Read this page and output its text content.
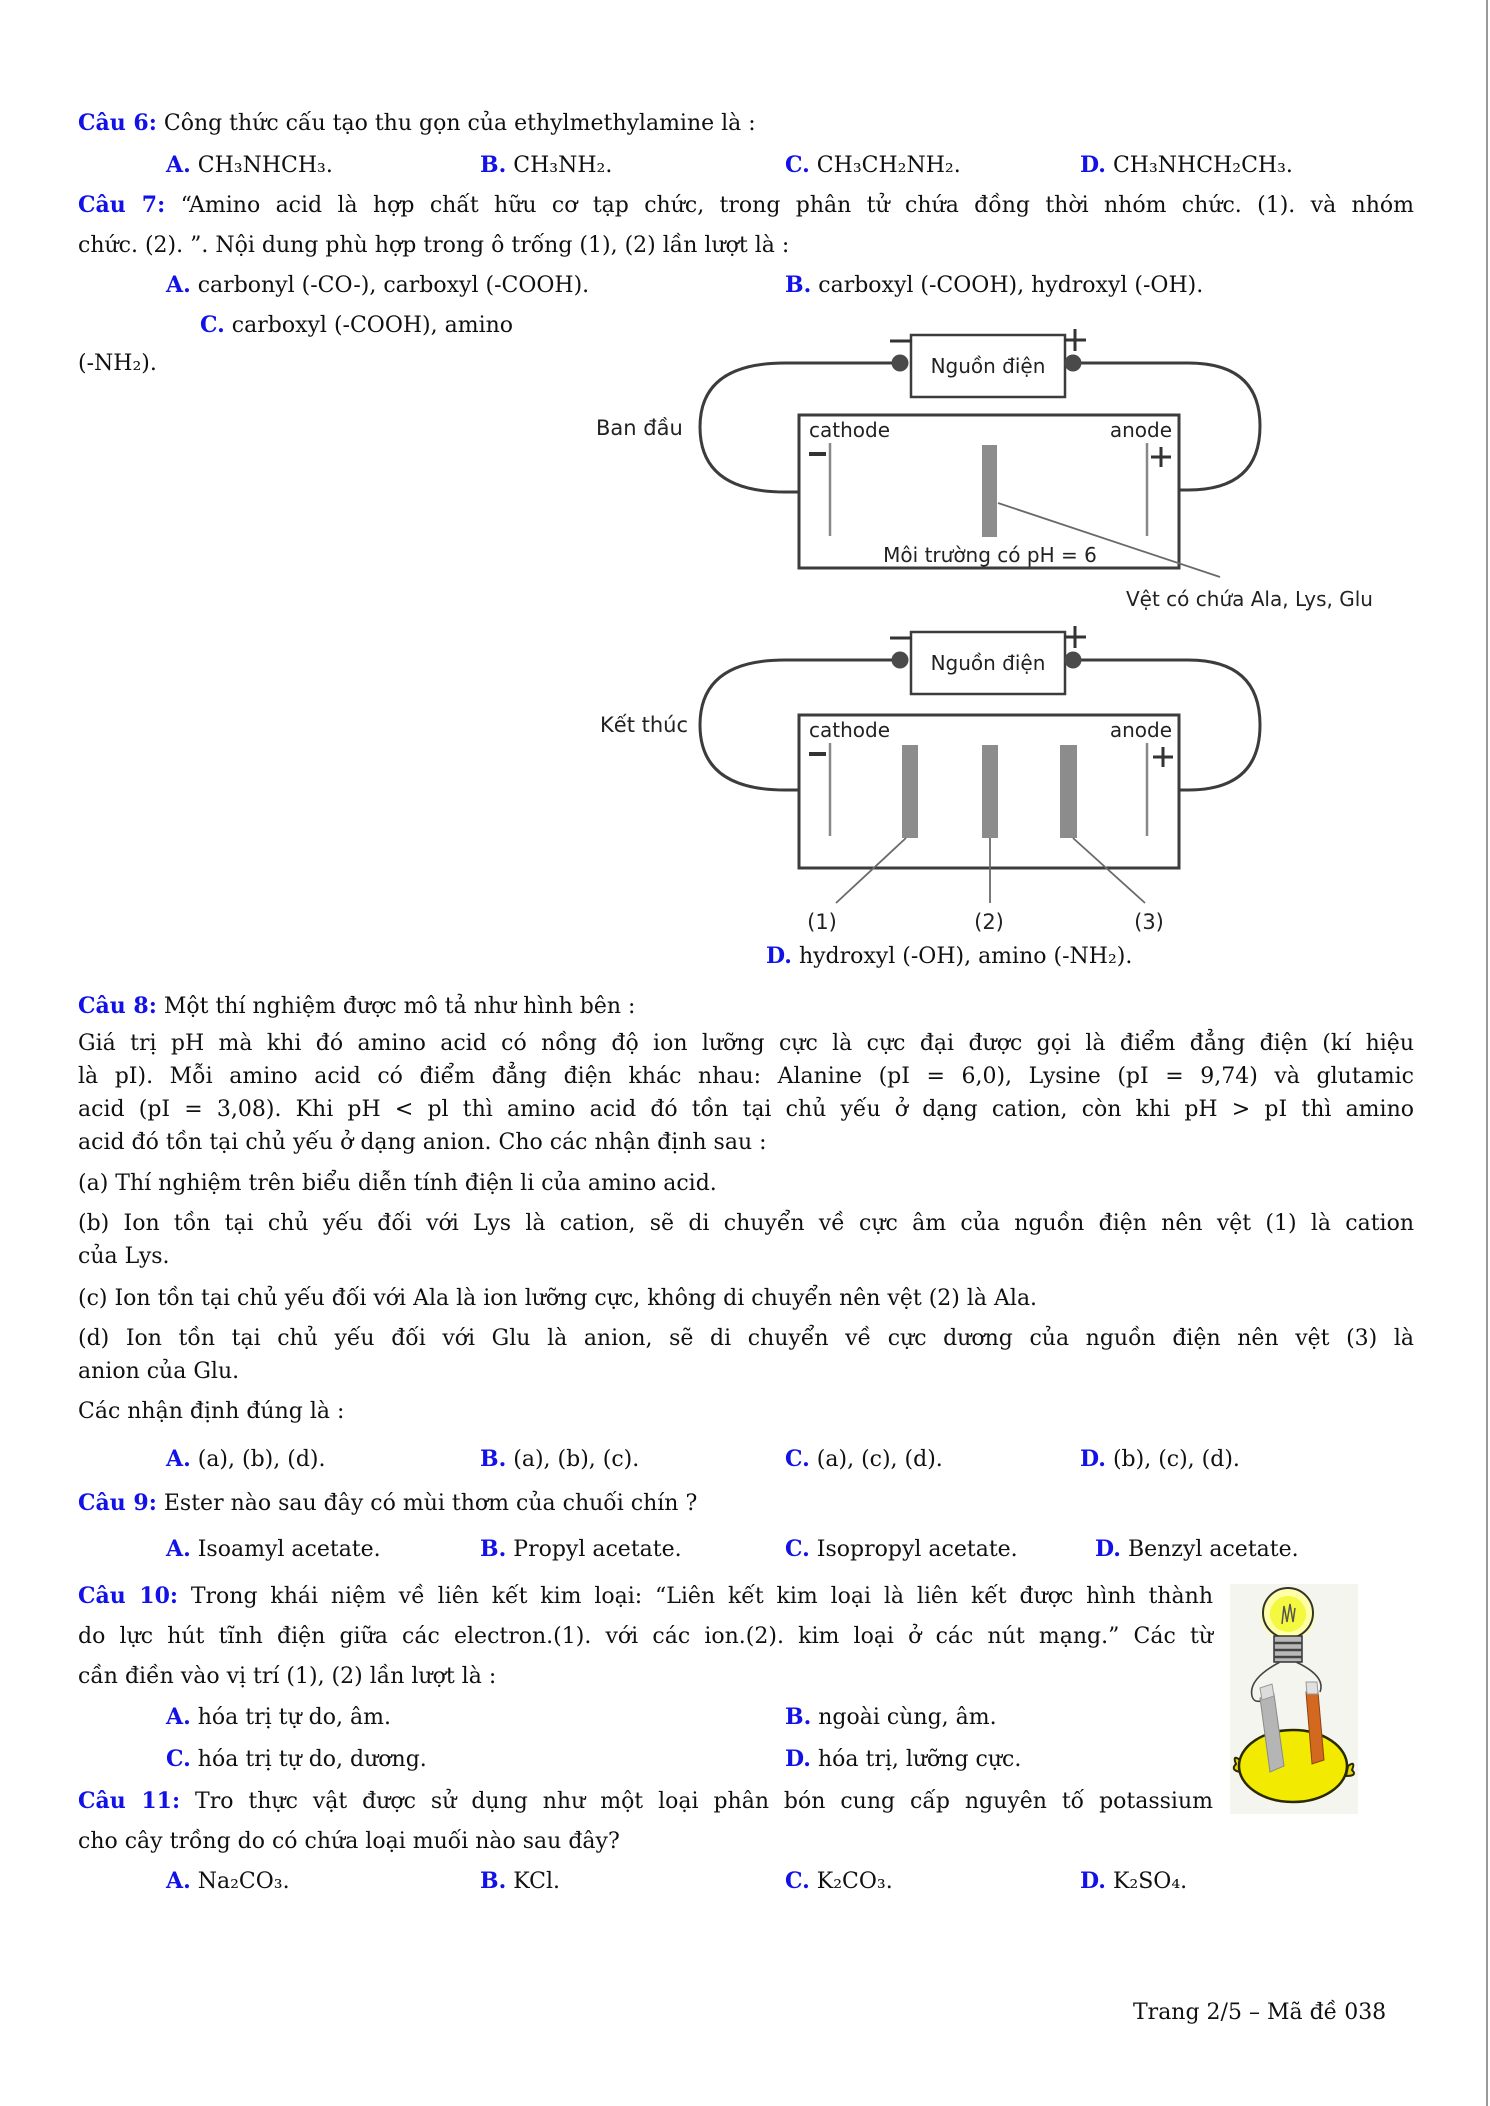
Câu 6: Công thức cấu tạo thu gọn của ethylmethylamine là :
A. CH₃NHCH₃.	B. CH₃NH₂.	C. CH₃CH₂NH₂.	D. CH₃NHCH₂CH₃.
Câu 7: “Amino acid là hợp chất hữu cơ tạp chức, trong phân tử chứa đồng thời nhóm chức. (1). và nhóm
chức. (2). ”. Nội dung phù hợp trong ô trống (1), (2) lần lượt là :
A. carbonyl (-CO-), carboxyl (-COOH).	B. carboxyl (-COOH), hydroxyl (-OH).
C. carboxyl (-COOH), amino
(-NH₂).
D. hydroxyl (-OH), amino (-NH₂).
Nguồn điện
Ban đầu	cathode	anode
Môi trường có pH = 6
Vệt có chứa Ala, Lys, Glu
Nguồn điện
Kết thúc	cathode	anode
(1)	(2)	(3)
Câu 8: Một thí nghiệm được mô tả như hình bên :
Giá trị pH mà khi đó amino acid có nồng độ ion lưỡng cực là cực đại được gọi là điểm đẳng điện (kí hiệu
là pI). Mỗi amino acid có điểm đẳng điện khác nhau: Alanine (pI = 6,0), Lysine (pI = 9,74) và glutamic
acid (pI = 3,08). Khi pH < pl thì amino acid đó tồn tại chủ yếu ở dạng cation, còn khi pH > pI thì amino
acid đó tồn tại chủ yếu ở dạng anion. Cho các nhận định sau :
(a) Thí nghiệm trên biểu diễn tính điện li của amino acid.
(b) Ion tồn tại chủ yếu đối với Lys là cation, sẽ di chuyển về cực âm của nguồn điện nên vệt (1) là cation
của Lys.
(c) Ion tồn tại chủ yếu đối với Ala là ion lưỡng cực, không di chuyển nên vệt (2) là Ala.
(d) Ion tồn tại chủ yếu đối với Glu là anion, sẽ di chuyển về cực dương của nguồn điện nên vệt (3) là
anion của Glu.
Các nhận định đúng là :
A. (a), (b), (d).	B. (a), (b), (c).	C. (a), (c), (d).	D. (b), (c), (d).
Câu 9: Ester nào sau đây có mùi thơm của chuối chín ?
A. Isoamyl acetate.	B. Propyl acetate.	C. Isopropyl acetate.	D. Benzyl acetate.
Câu 10: Trong khái niệm về liên kết kim loại: “Liên kết kim loại là liên kết được hình thành
do lực hút tĩnh điện giữa các electron.(1). với các ion.(2). kim loại ở các nút mạng.” Các từ
cần điền vào vị trí (1), (2) lần lượt là :
A. hóa trị tự do, âm.	B. ngoài cùng, âm.
C. hóa trị tự do, dương.	D. hóa trị, lưỡng cực.
Câu 11: Tro thực vật được sử dụng như một loại phân bón cung cấp nguyên tố potassium
cho cây trồng do có chứa loại muối nào sau đây?
A. Na₂CO₃.	B. KCl.	C. K₂CO₃.	D. K₂SO₄.
Trang 2/5 – Mã đề 038
